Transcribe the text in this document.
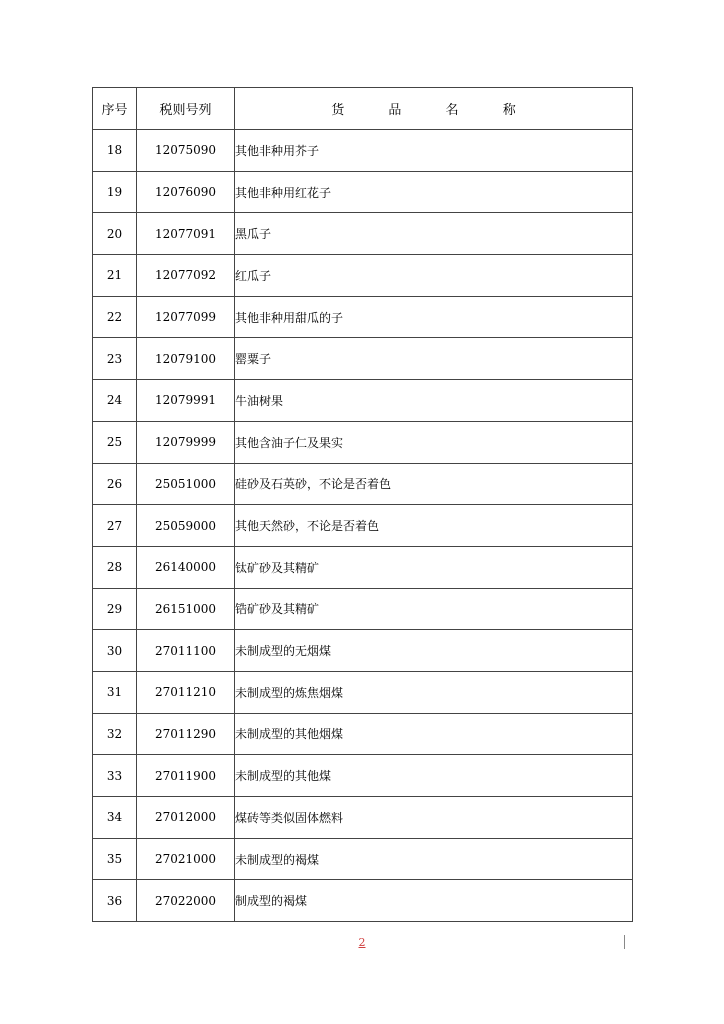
序号	税则号列	货 品 名 称
18	12075090	其他非种用芥子
19	12076090	其他非种用红花子
20	12077091	黑瓜子
21	12077092	红瓜子
22	12077099	其他非种用甜瓜的子
23	12079100	罂粟子
24	12079991	牛油树果
25	12079999	其他含油子仁及果实
26	25051000	硅砂及石英砂，不论是否着色
27	25059000	其他天然砂，不论是否着色
28	26140000	钛矿砂及其精矿
29	26151000	锆矿砂及其精矿
30	27011100	未制成型的无烟煤
31	27011210	未制成型的炼焦烟煤
32	27011290	未制成型的其他烟煤
33	27011900	未制成型的其他煤
34	27012000	煤砖等类似固体燃料
35	27021000	未制成型的褐煤
36	27022000	制成型的褐煤
2
